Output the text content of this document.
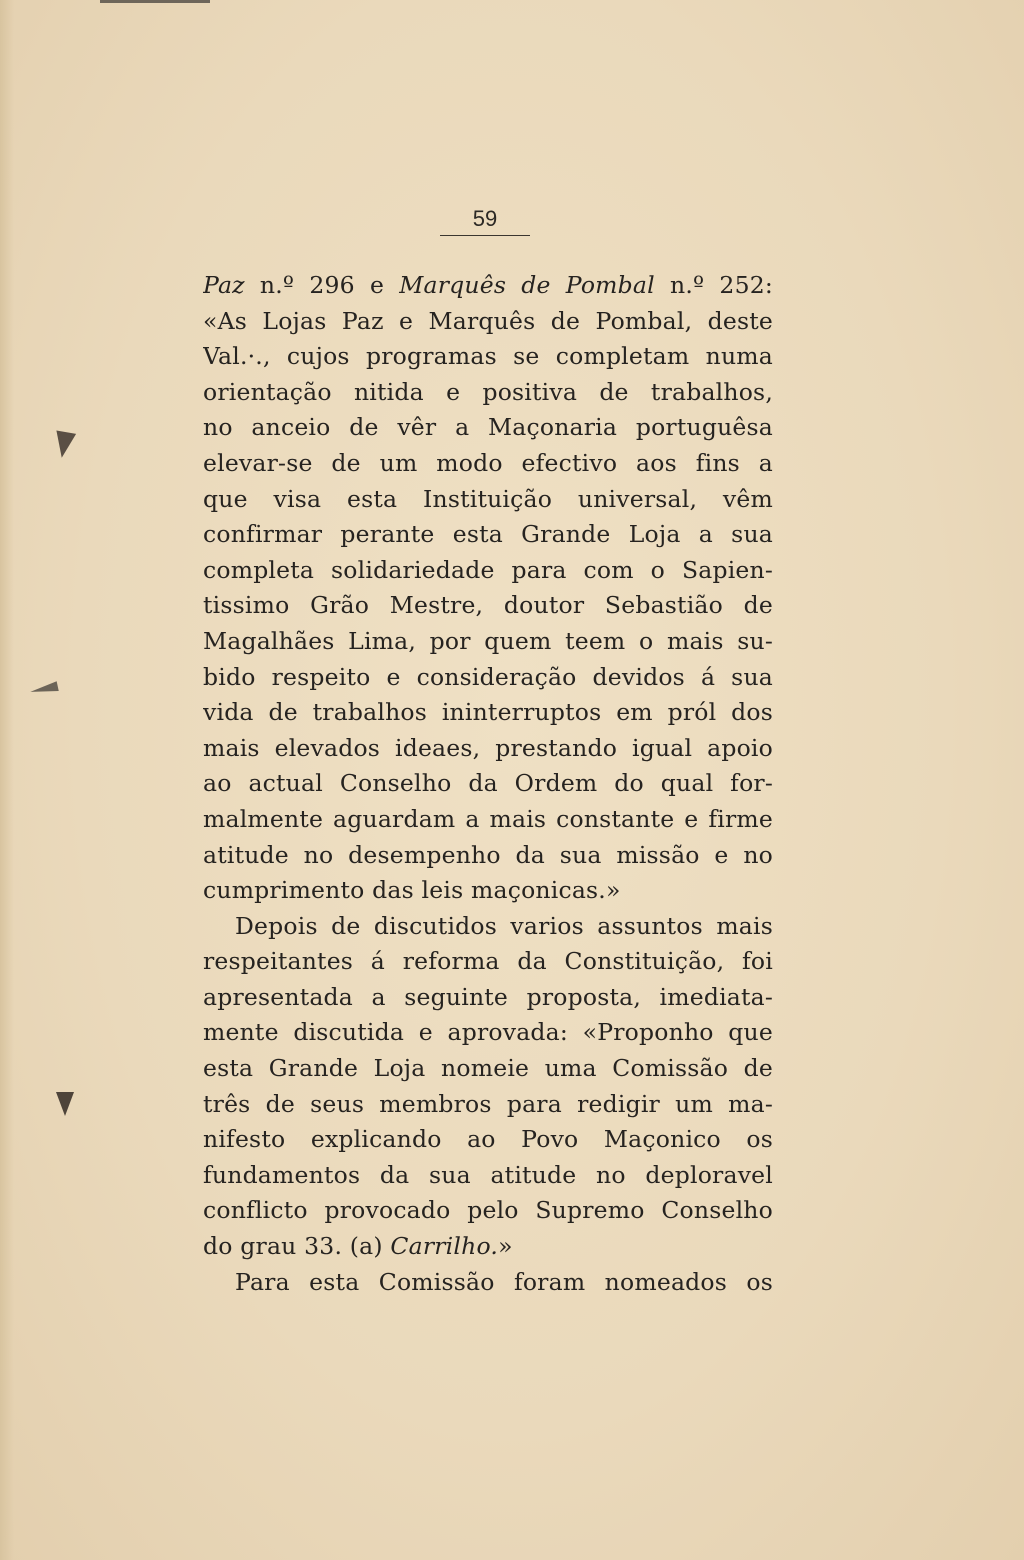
59
Paz n.º 296 e Marquês de Pombal n.º 252:
«As Lojas Paz e Marquês de Pombal, deste
Val.·., cujos programas se completam numa
orientação nitida e positiva de trabalhos,
no anceio de vêr a Maçonaria portuguêsa
elevar-se de um modo efectivo aos fins a
que visa esta Instituição universal, vêm
confirmar perante esta Grande Loja a sua
completa solidariedade para com o Sapien-
tissimo Grão Mestre, doutor Sebastião de
Magalhães Lima, por quem teem o mais su-
bido respeito e consideração devidos á sua
vida de trabalhos ininterruptos em pról dos
mais elevados ideaes, prestando igual apoio
ao actual Conselho da Ordem do qual for-
malmente aguardam a mais constante e firme
atitude no desempenho da sua missão e no
cumprimento das leis maçonicas.»
Depois de discutidos varios assuntos mais
respeitantes á reforma da Constituição, foi
apresentada a seguinte proposta, imediata-
mente discutida e aprovada: «Proponho que
esta Grande Loja nomeie uma Comissão de
três de seus membros para redigir um ma-
nifesto explicando ao Povo Maçonico os
fundamentos da sua atitude no deploravel
conflicto provocado pelo Supremo Conselho
do grau 33. (a) Carrilho.»
Para esta Comissão foram nomeados os
